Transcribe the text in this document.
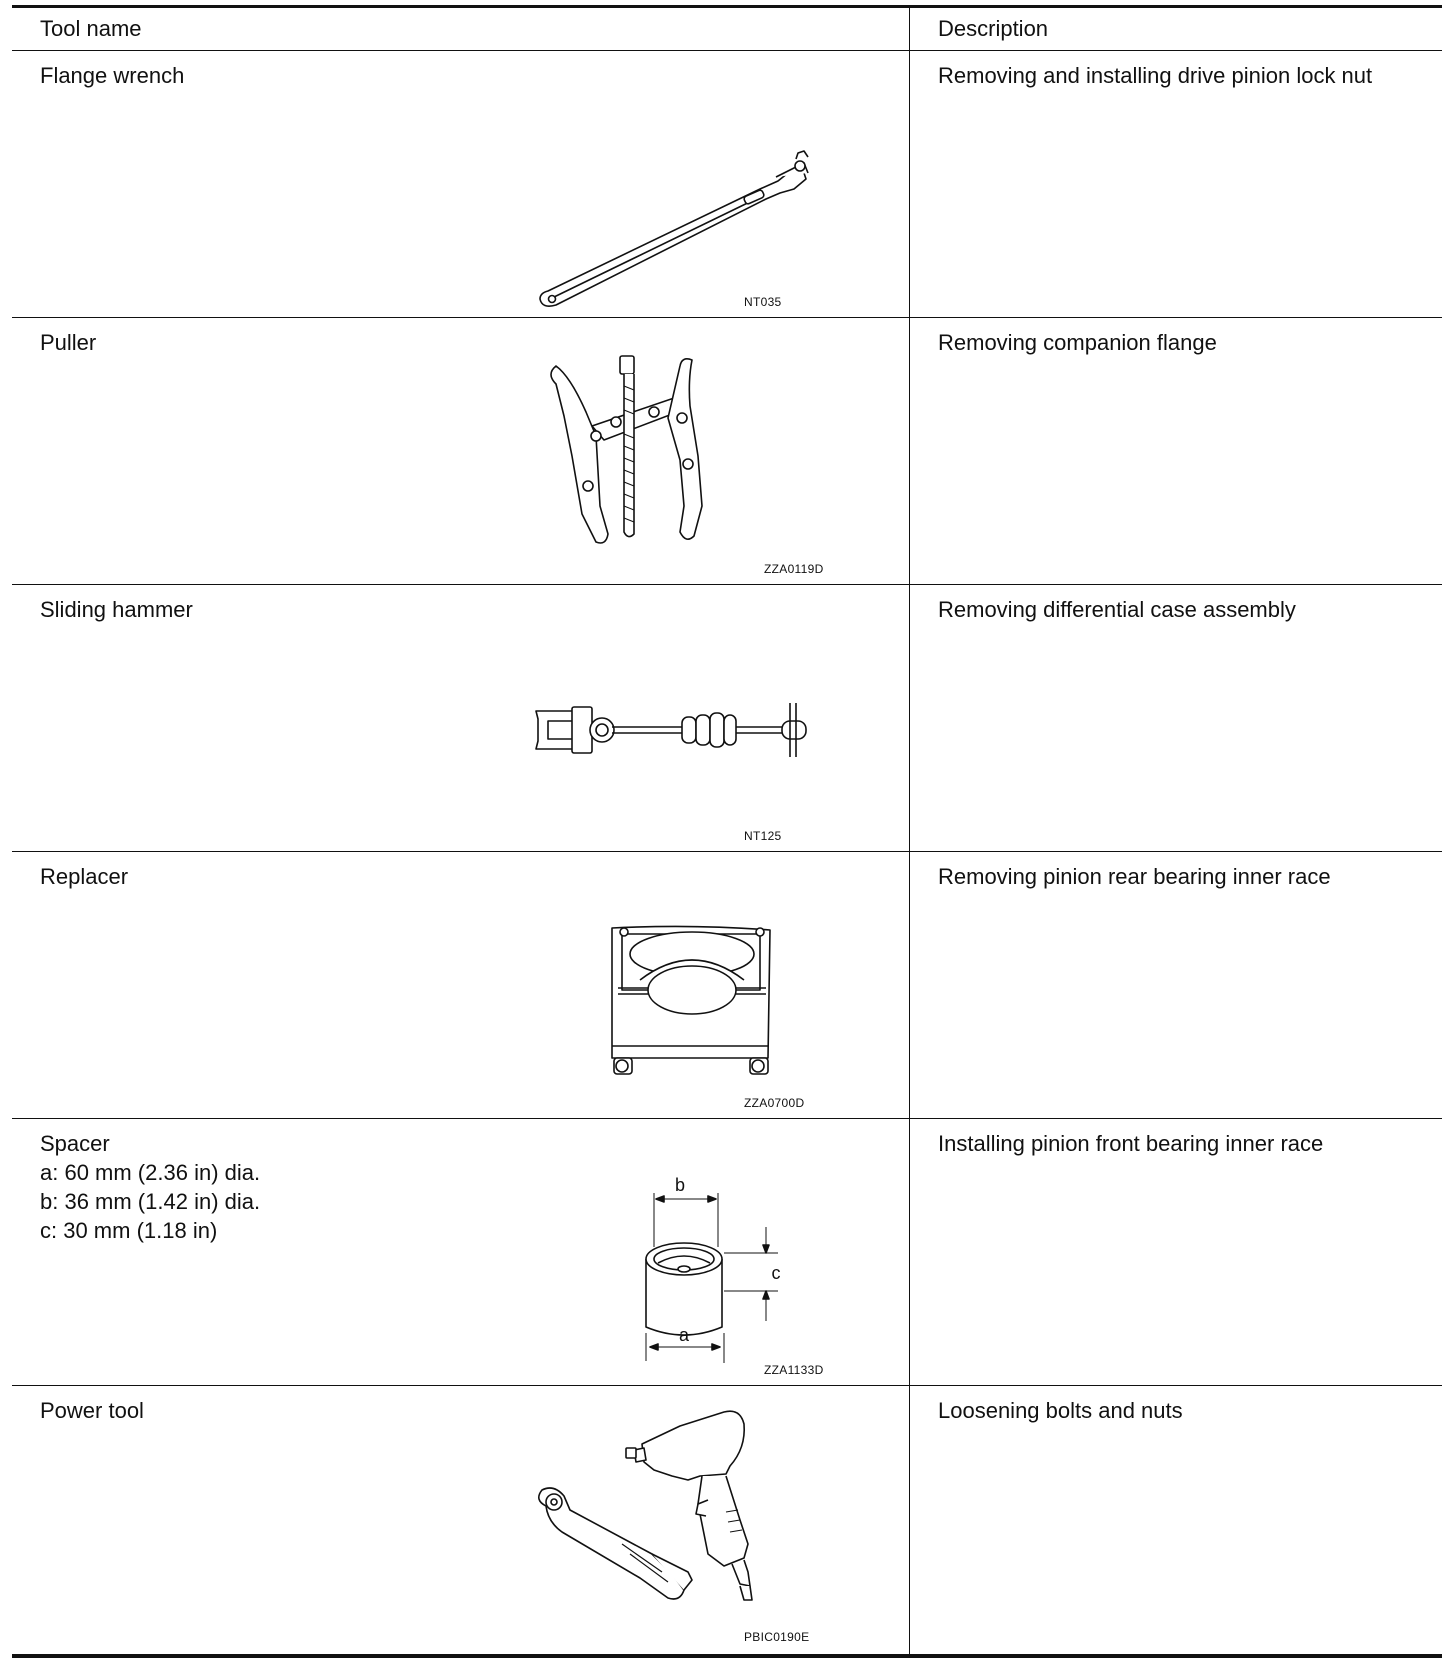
Tool name	Description
Flange wrench
NT035
Removing and installing drive pinion lock nut
Puller
ZZA0119D
Removing companion flange
Sliding hammer
NT125
Removing differential case assembly
Replacer
ZZA0700D
Removing pinion rear bearing inner race
Spacer
a: 60 mm (2.36 in) dia.
b: 36 mm (1.42 in) dia.
c: 30 mm (1.18 in)
b
a
c
ZZA1133D
Installing pinion front bearing inner race
Power tool
PBIC0190E
Loosening bolts and nuts
